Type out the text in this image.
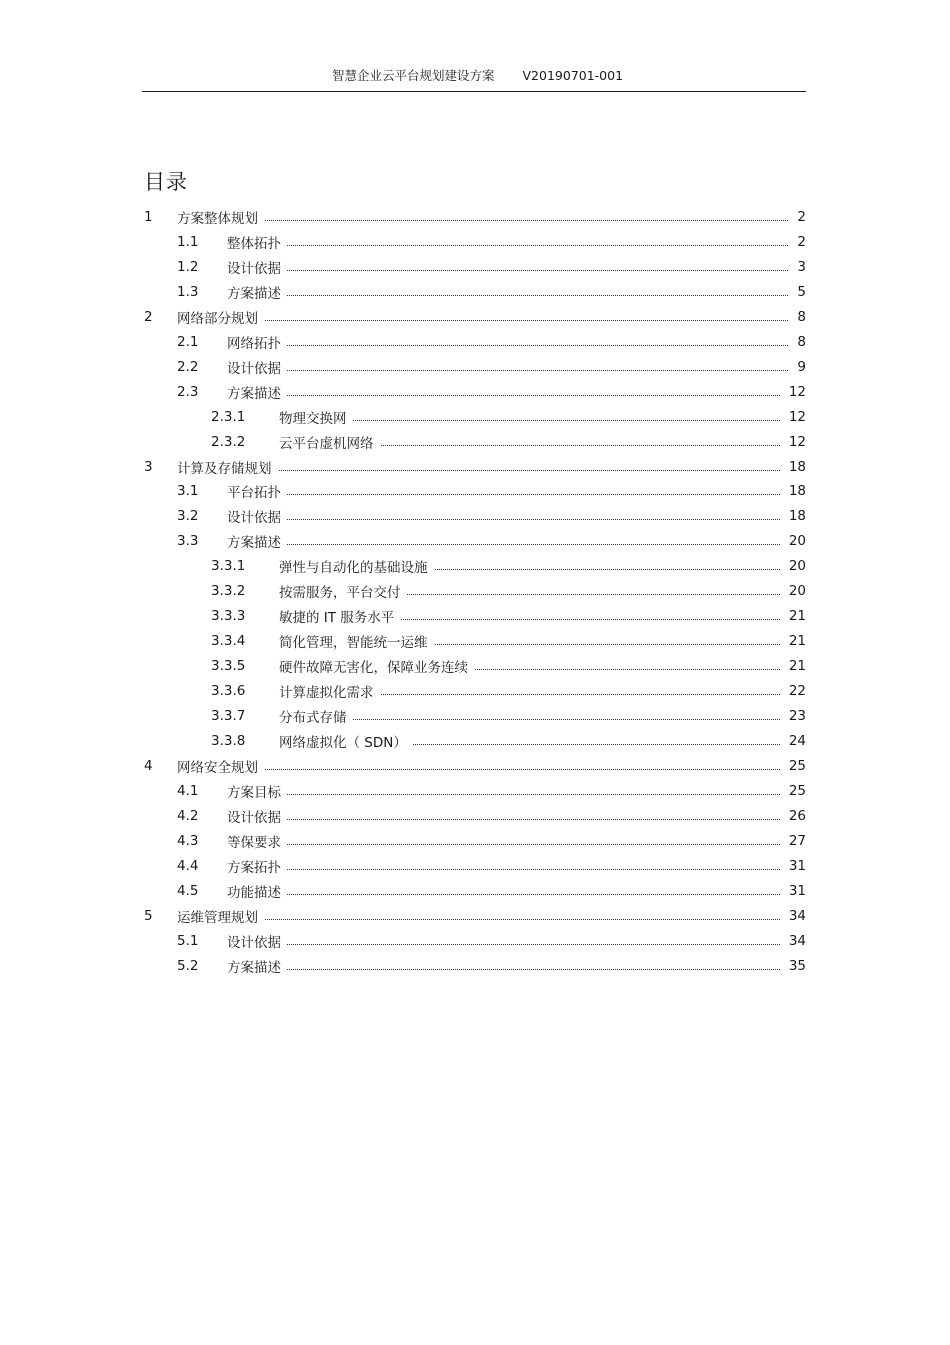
智慧企业云平台规划建设方案 V20190701-001
目录
1 方案整体规划	2
1.1 整体拓扑	2
1.2 设计依据	3
1.3 方案描述	5
2 网络部分规划	8
2.1 网络拓扑	8
2.2 设计依据	9
2.3 方案描述	12
2.3.1 物理交换网	12
2.3.2 云平台虚机网络	12
3 计算及存储规划	18
3.1 平台拓扑	18
3.2 设计依据	18
3.3 方案描述	20
3.3.1 弹性与自动化的基础设施	20
3.3.2 按需服务，平台交付	20
3.3.3 敏捷的 IT 服务水平	21
3.3.4 简化管理，智能统一运维	21
3.3.5 硬件故障无害化，保障业务连续	21
3.3.6 计算虚拟化需求	22
3.3.7 分布式存储	23
3.3.8 网络虚拟化（ SDN）	24
4 网络安全规划	25
4.1 方案目标	25
4.2 设计依据	26
4.3 等保要求	27
4.4 方案拓扑	31
4.5 功能描述	31
5 运维管理规划	34
5.1 设计依据	34
5.2 方案描述	35
